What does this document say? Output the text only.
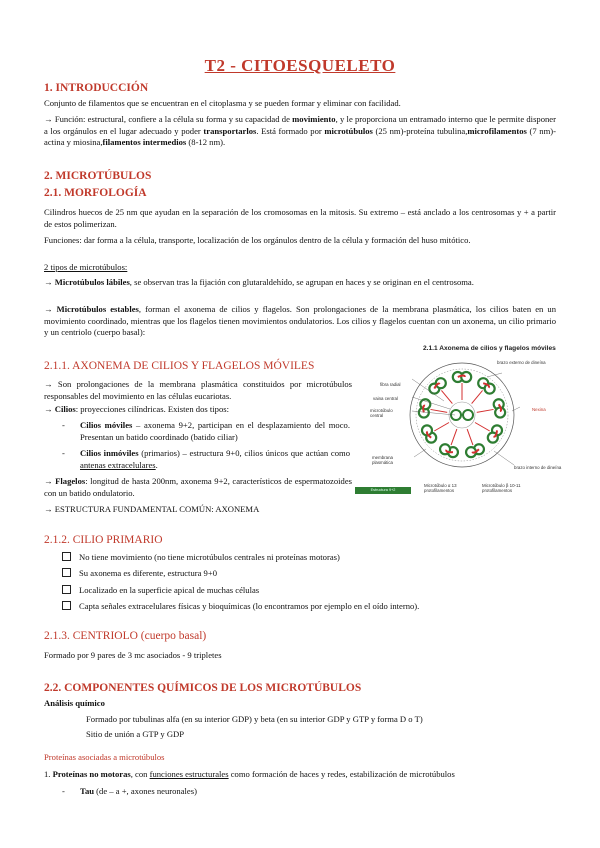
T2 - CITOESQUELETO
1. INTRODUCCIÓN
Conjunto de filamentos que se encuentran en el citoplasma y se pueden formar y eliminar con facilidad.
→ Función: estructural, confiere a la célula su forma y su capacidad de movimiento, y le proporciona un entramado interno que le permite disponer a los orgánulos en el lugar adecuado y poder transportarlos. Está formado por microtúbulos (25 nm)-proteína tubulina,microfilamentos (7 nm)-actina y miosina,filamentos intermedios (8-12 nm).
2. MICROTÚBULOS
2.1. MORFOLOGÍA
Cilindros huecos de 25 nm que ayudan en la separación de los cromosomas en la mitosis. Su extremo – está anclado a los centrosomas y + a partir de estos polimerizan.
Funciones: dar forma a la célula, transporte, localización de los orgánulos dentro de la célula y formación del huso mitótico.
2 tipos de microtúbulos:
→ Microtúbulos lábiles, se observan tras la fijación con glutaraldehído, se agrupan en haces y se originan en el centrosoma.
→ Microtúbulos estables, forman el axonema de cilios y flagelos. Son prolongaciones de la membrana plasmática, los cilios baten en un movimiento coordinado, mientras que los flagelos tienen movimientos ondulatorios. Los cilios y flagelos cuentan con un axonema, un cilio primario y un centriolo (cuerpo basal):
2.1.1. AXONEMA DE CILIOS Y FLAGELOS MÓVILES
→ Son prolongaciones de la membrana plasmática constituidos por microtúbulos responsables del movimiento en las células eucariotas.
→ Cilios: proyecciones cilíndricas. Existen dos tipos:
- Cilios móviles – axonema 9+2, participan en el desplazamiento del moco. Presentan un batido coordinado (batido ciliar)
- Cilios inmóviles (primarios) – estructura 9+0, cilios únicos que actúan como antenas extracelulares.
→ Flagelos: longitud de hasta 200nm, axonema 9+2, característicos de espermatozoides con un batido ondulatorio.
→ ESTRUCTURA FUNDAMENTAL COMÚN: AXONEMA
2.1.1 Axonema de cilios y flagelos móviles
brazo externo de dineína
fibra radial
vaina central
microtúbulo central
Nexina
membrana plasmática
brazo interno de dineína
Microtúbulo α 13 protofilamentos
Microtúbulo β 10-11 protofilamentos
Estructura 9+2
2.1.2. CILIO PRIMARIO
No tiene movimiento (no tiene microtúbulos centrales ni proteínas motoras)
Su axonema es diferente, estructura 9+0
Localizado en la superficie apical de muchas células
Capta señales extracelulares físicas y bioquímicas (lo encontramos por ejemplo en el oído interno).
2.1.3. CENTRIOLO (cuerpo basal)
Formado por 9 pares de 3 mc asociados - 9 tripletes
2.2. COMPONENTES QUÍMICOS DE LOS MICROTÚBULOS
Análisis químico
Formado por tubulinas alfa (en su interior GDP) y beta (en su interior GDP y GTP y forma D o T)
Sitio de unión a GTP y GDP
Proteínas asociadas a microtúbulos
1. Proteínas no motoras, con funciones estructurales como formación de haces y redes, estabilización de microtúbulos
- Tau (de – a +, axones neuronales)
